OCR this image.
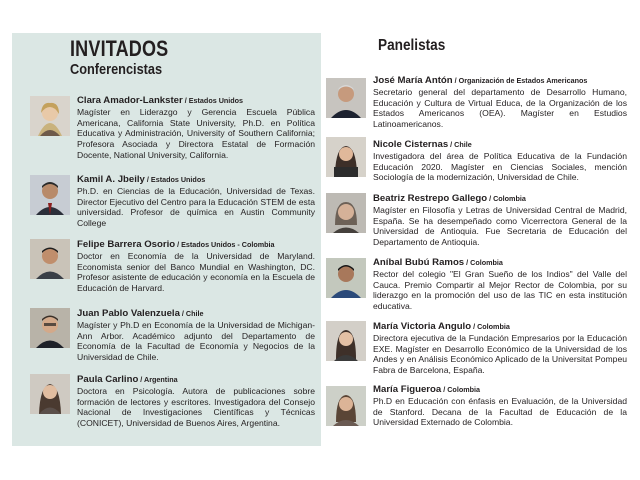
INVITADOS
Conferencistas
Panelistas
Clara Amador-Lankster / Estados Unidos
Magíster en Liderazgo y Gerencia Escuela Pública Americana, California State University, Ph.D. en Política Educativa y Administración, University of Southern California; Profesora Asociada y Directora Estatal de Formación Docente, National University, California.
Kamil A. Jbeily / Estados Unidos
Ph.D. en Ciencias de la Educación, Universidad de Texas. Director Ejecutivo del Centro para la Educación STEM de esta universidad. Profesor de química en Austin Community College
Felipe Barrera Osorio / Estados Unidos - Colombia
Doctor en Economía de la Universidad de Maryland. Economista senior del Banco Mundial en Washington, DC. Profesor asistente de educación y economía en la Escuela de Educación de Harvard.
Juan Pablo Valenzuela / Chile
Magíster y Ph.D en Economía de la Universidad de Michigan-Ann Arbor. Académico adjunto del Departamento de Economía de la Facultad de Economía y Negocios de la Universidad de Chile.
Paula Carlino / Argentina
Doctora en Psicología. Autora de publicaciones sobre formación de lectores y escritores. Investigadora del Consejo Nacional de Investigaciones Científicas y Técnicas (CONICET), Universidad de Buenos Aires, Argentina.
José María Antón / Organización de Estados Americanos
Secretario general del departamento de Desarrollo Humano, Educación y Cultura de Virtual Educa, de la Organización de los Estados Americanos (OEA). Magíster en Estudios Latinoamericanos.
Nicole Cisternas / Chile
Investigadora del área de Política Educativa de la Fundación Educación 2020. Magíster en Ciencias Sociales, mención Sociología de la modernización, Universidad de Chile.
Beatriz Restrepo Gallego / Colombia
Magíster en Filosofía y Letras de Universidad Central de Madrid, España. Se ha desempeñado como Vicerrectora General de la Universidad de Antioquia. Fue Secretaria de Educación del Departamento de Antioquia.
Aníbal Bubú Ramos / Colombia
Rector del colegio "El Gran Sueño de los Indios" del Valle del Cauca. Premio Compartir al Mejor Rector de Colombia, por su liderazgo en la promoción del uso de las TIC en esta institución educativa.
María Victoria Angulo / Colombia
Directora ejecutiva de la Fundación Empresarios por la Educación EXE. Magíster en Desarrollo Económico de la Universidad de los Andes y en Análisis Económico Aplicado de la Universitat Pompeu Fabra de Barcelona, España.
María Figueroa / Colombia
Ph.D en Educación con énfasis en Evaluación, de la Universidad de Stanford. Decana de la Facultad de Educación de la Universidad Externado de Colombia.
